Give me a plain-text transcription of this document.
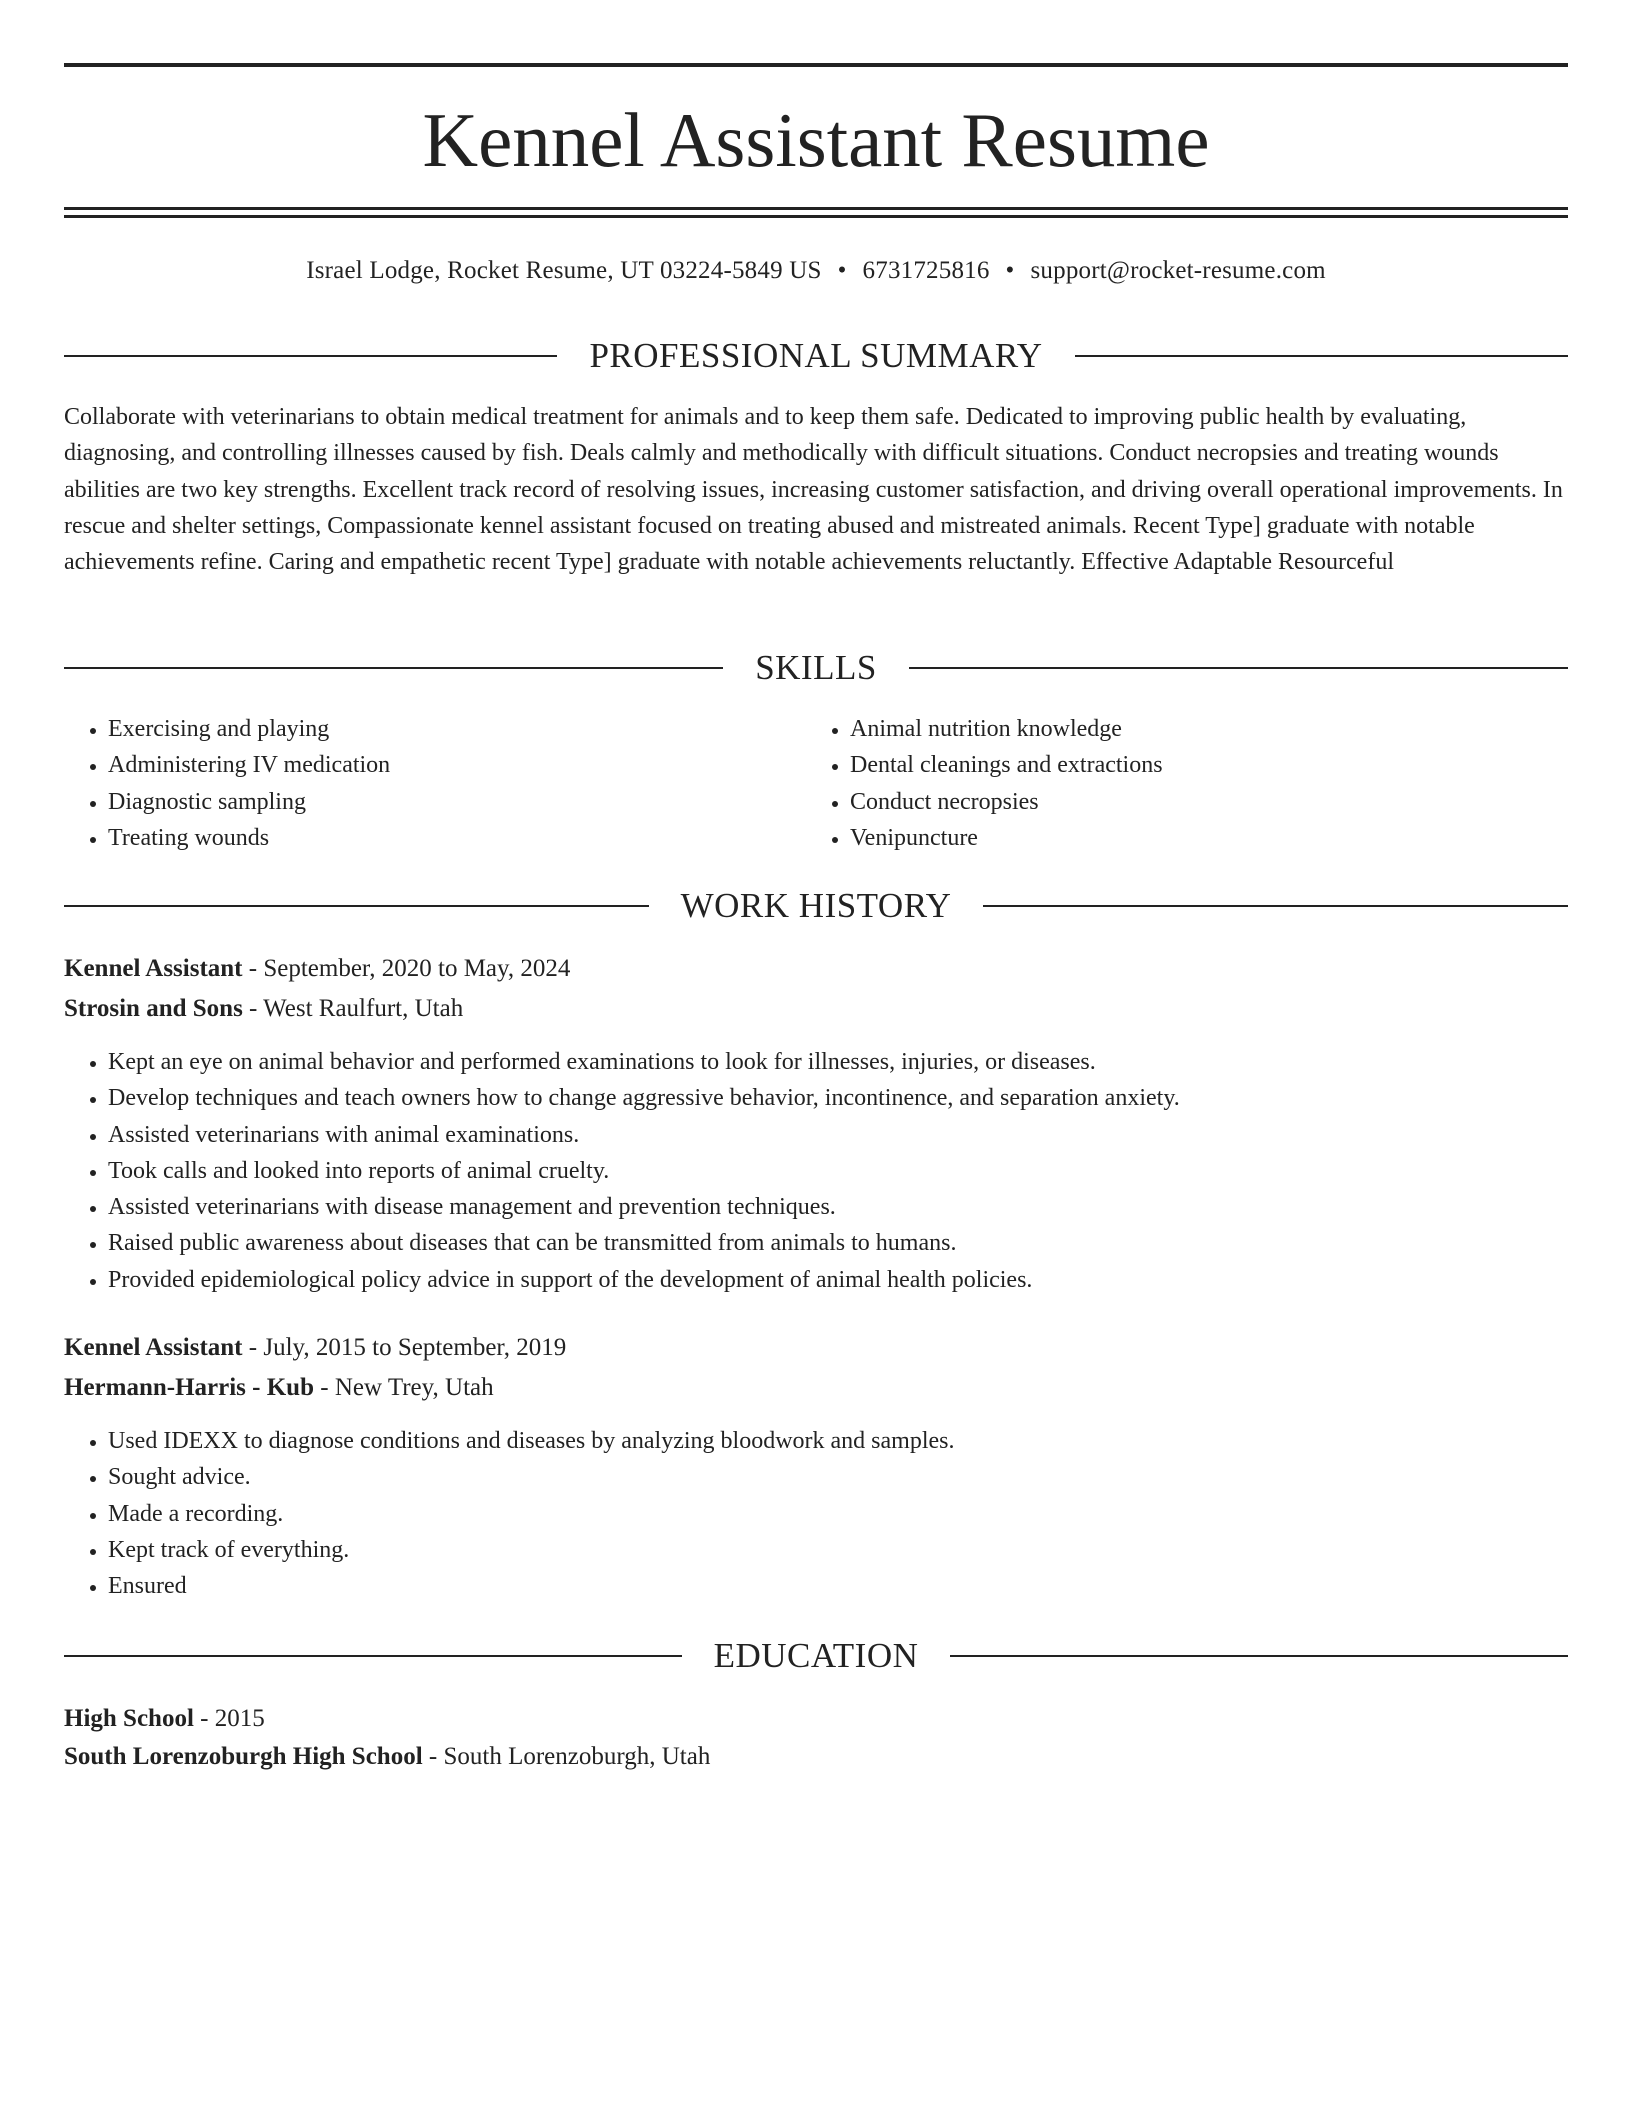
Kennel Assistant Resume
Israel Lodge, Rocket Resume, UT 03224-5849 US • 6731725816 • support@rocket-resume.com
PROFESSIONAL SUMMARY

Collaborate with veterinarians to obtain medical treatment for animals and to keep them safe. Dedicated to improving public health by evaluating, diagnosing, and controlling illnesses caused by fish. Deals calmly and methodically with difficult situations. Conduct necropsies and treating wounds abilities are two key strengths. Excellent track record of resolving issues, increasing customer satisfaction, and driving overall operational improvements. In rescue and shelter settings, Compassionate kennel assistant focused on treating abused and mistreated animals. Recent Type] graduate with notable achievements refine. Caring and empathetic recent Type] graduate with notable achievements reluctantly. Effective Adaptable Resourceful

SKILLS
• Exercising and playing
• Administering IV medication
• Diagnostic sampling
• Treating wounds
• Animal nutrition knowledge
• Dental cleanings and extractions
• Conduct necropsies
• Venipuncture
WORK HISTORY
Kennel Assistant - September, 2020 to May, 2024
Strosin and Sons - West Raulfurt, Utah
• Kept an eye on animal behavior and performed examinations to look for illnesses, injuries, or diseases.
• Develop techniques and teach owners how to change aggressive behavior, incontinence, and separation anxiety.
• Assisted veterinarians with animal examinations.
• Took calls and looked into reports of animal cruelty.
• Assisted veterinarians with disease management and prevention techniques.
• Raised public awareness about diseases that can be transmitted from animals to humans.
• Provided epidemiological policy advice in support of the development of animal health policies.
Kennel Assistant - July, 2015 to September, 2019
Hermann-Harris - Kub - New Trey, Utah
• Used IDEXX to diagnose conditions and diseases by analyzing bloodwork and samples.
• Sought advice.
• Made a recording.
• Kept track of everything.
• Ensured
EDUCATION
High School - 2015
South Lorenzoburgh High School - South Lorenzoburgh, Utah
